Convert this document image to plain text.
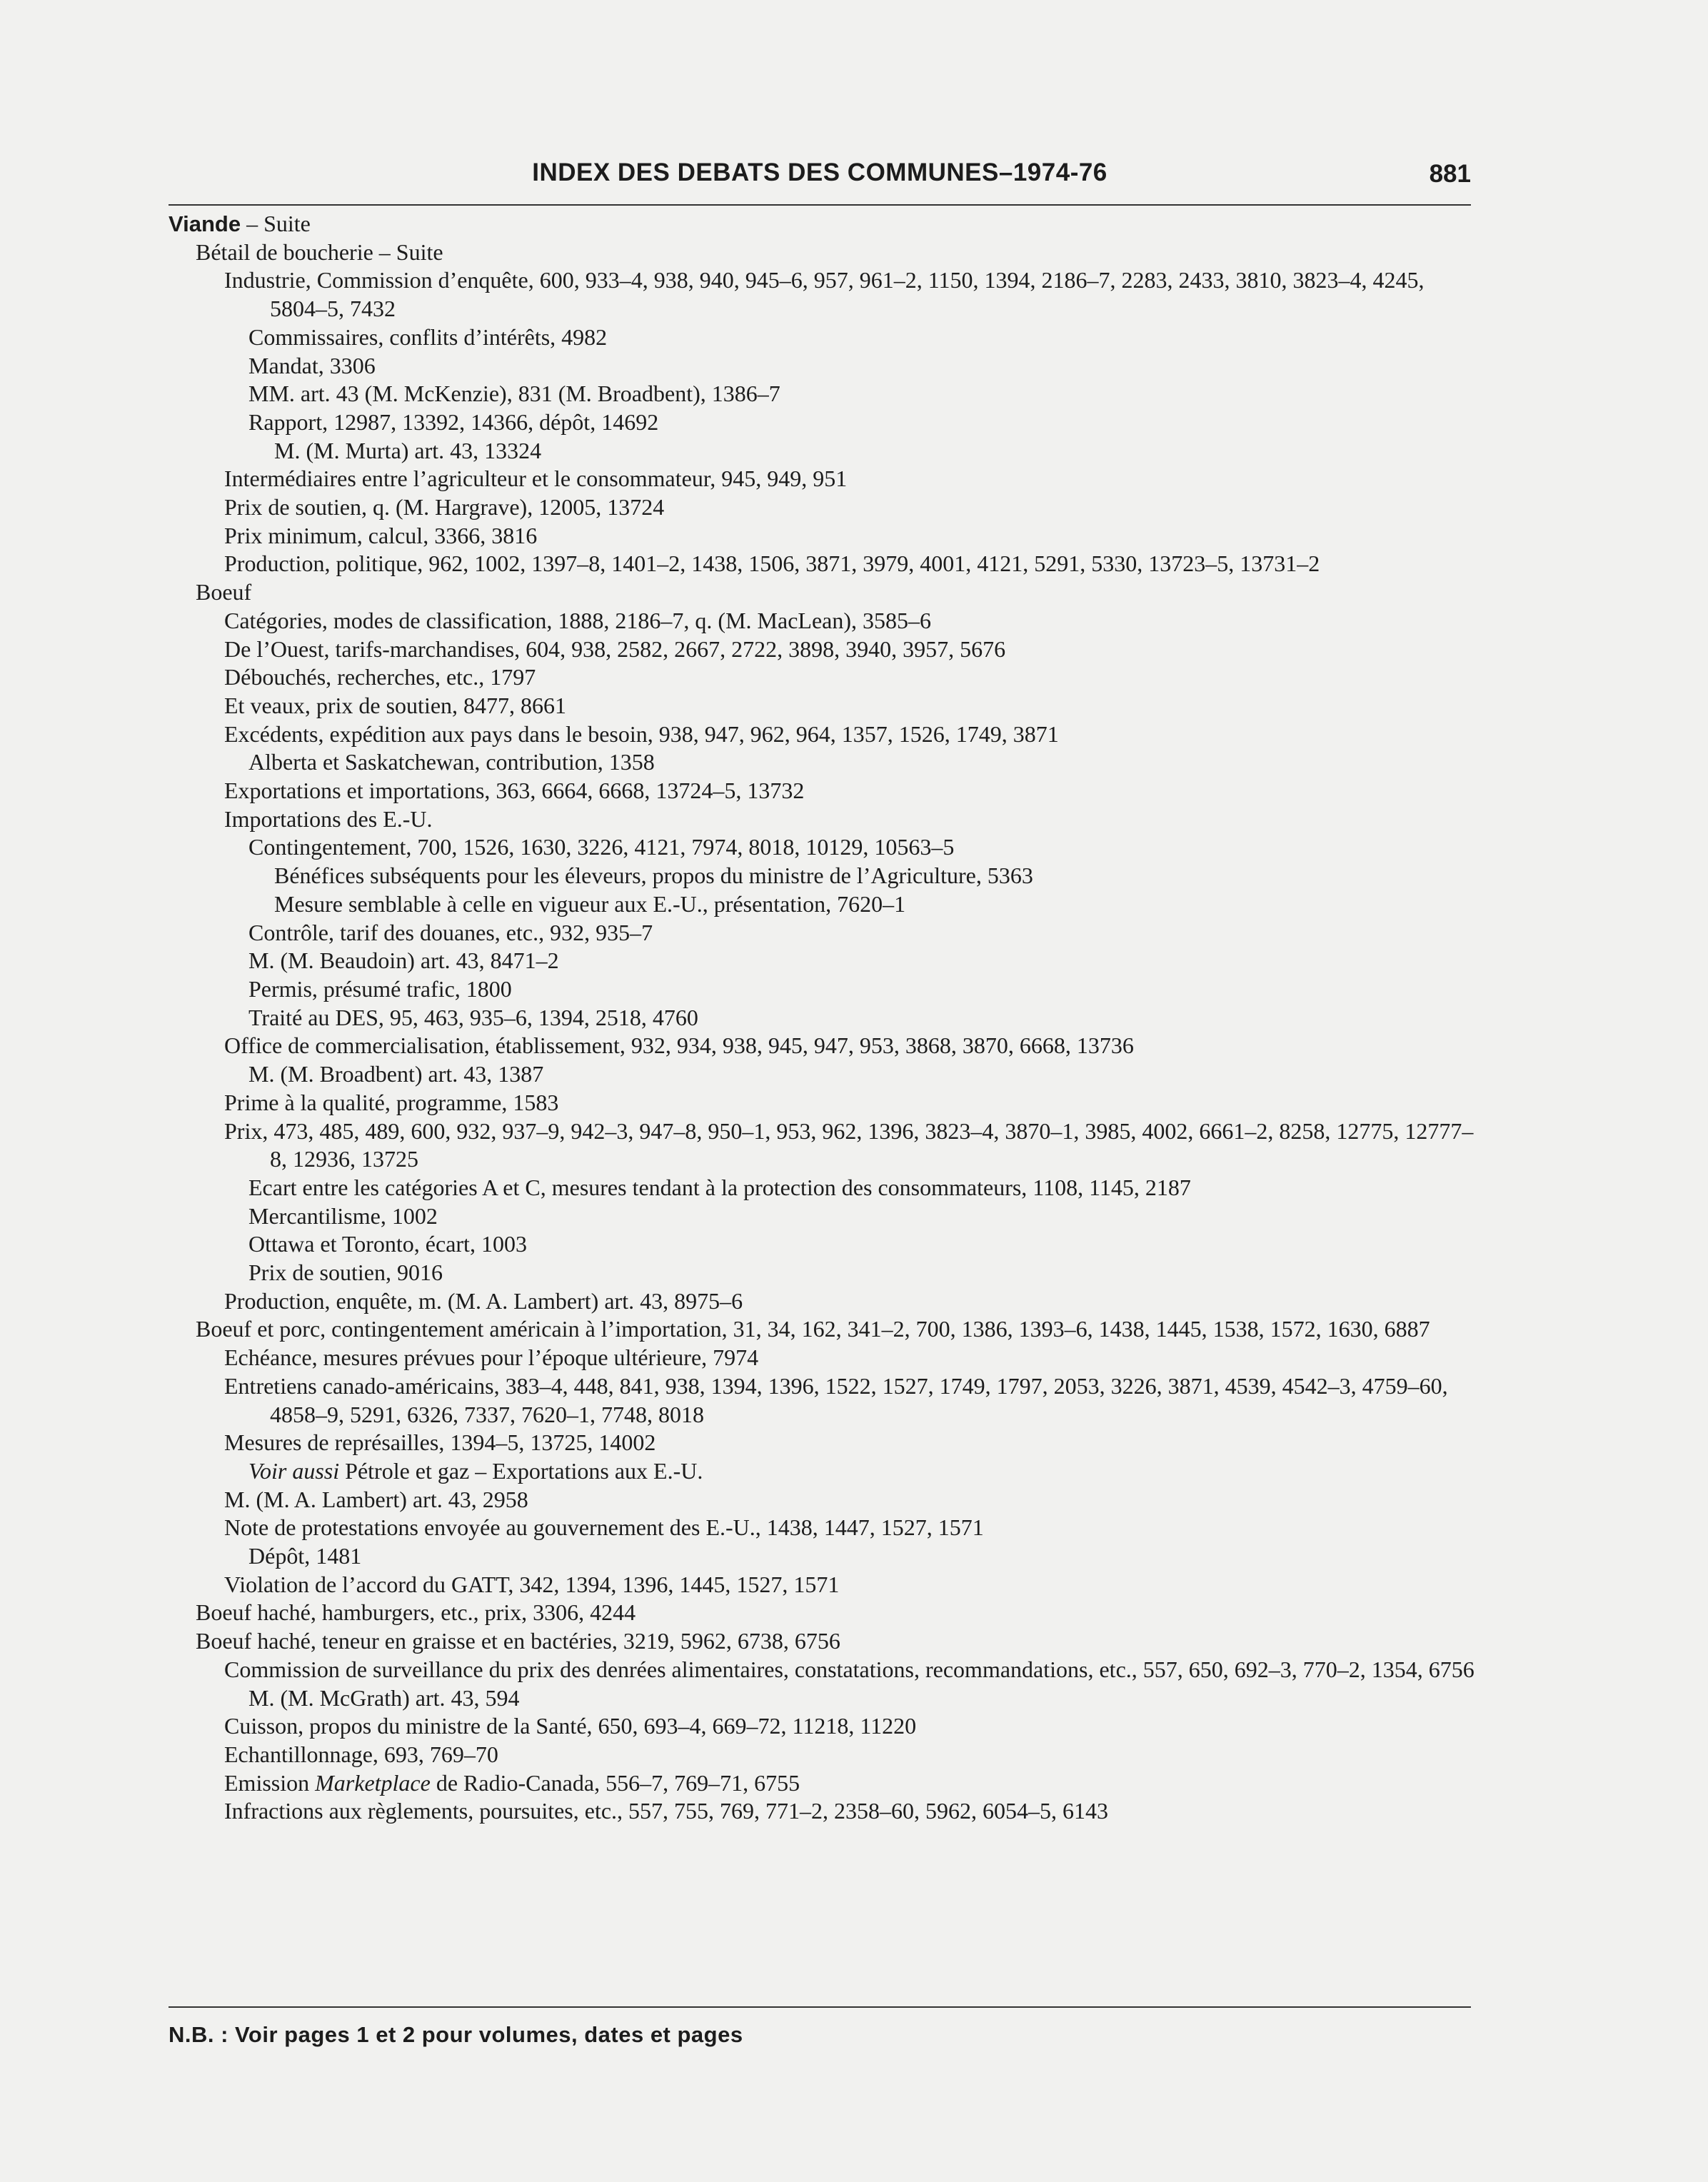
INDEX DES DEBATS DES COMMUNES–1974-76	881
Viande – Suite
Bétail de boucherie – Suite
Industrie, Commission d’enquête, 600, 933–4, 938, 940, 945–6, 957, 961–2, 1150, 1394, 2186–7, 2283, 2433, 3810, 3823–4, 4245, 5804–5, 7432
Commissaires, conflits d’intérêts, 4982
Mandat, 3306
MM. art. 43 (M. McKenzie), 831 (M. Broadbent), 1386–7
Rapport, 12987, 13392, 14366, dépôt, 14692
M. (M. Murta) art. 43, 13324
Intermédiaires entre l’agriculteur et le consommateur, 945, 949, 951
Prix de soutien, q. (M. Hargrave), 12005, 13724
Prix minimum, calcul, 3366, 3816
Production, politique, 962, 1002, 1397–8, 1401–2, 1438, 1506, 3871, 3979, 4001, 4121, 5291, 5330, 13723–5, 13731–2
Boeuf
Catégories, modes de classification, 1888, 2186–7, q. (M. MacLean), 3585–6
De l’Ouest, tarifs-marchandises, 604, 938, 2582, 2667, 2722, 3898, 3940, 3957, 5676
Débouchés, recherches, etc., 1797
Et veaux, prix de soutien, 8477, 8661
Excédents, expédition aux pays dans le besoin, 938, 947, 962, 964, 1357, 1526, 1749, 3871
Alberta et Saskatchewan, contribution, 1358
Exportations et importations, 363, 6664, 6668, 13724–5, 13732
Importations des E.-U.
Contingentement, 700, 1526, 1630, 3226, 4121, 7974, 8018, 10129, 10563–5
Bénéfices subséquents pour les éleveurs, propos du ministre de l’Agriculture, 5363
Mesure semblable à celle en vigueur aux E.-U., présentation, 7620–1
Contrôle, tarif des douanes, etc., 932, 935–7
M. (M. Beaudoin) art. 43, 8471–2
Permis, présumé trafic, 1800
Traité au DES, 95, 463, 935–6, 1394, 2518, 4760
Office de commercialisation, établissement, 932, 934, 938, 945, 947, 953, 3868, 3870, 6668, 13736
M. (M. Broadbent) art. 43, 1387
Prime à la qualité, programme, 1583
Prix, 473, 485, 489, 600, 932, 937–9, 942–3, 947–8, 950–1, 953, 962, 1396, 3823–4, 3870–1, 3985, 4002, 6661–2, 8258, 12775, 12777–8, 12936, 13725
Ecart entre les catégories A et C, mesures tendant à la protection des consommateurs, 1108, 1145, 2187
Mercantilisme, 1002
Ottawa et Toronto, écart, 1003
Prix de soutien, 9016
Production, enquête, m. (M. A. Lambert) art. 43, 8975–6
Boeuf et porc, contingentement américain à l’importation, 31, 34, 162, 341–2, 700, 1386, 1393–6, 1438, 1445, 1538, 1572, 1630, 6887
Echéance, mesures prévues pour l’époque ultérieure, 7974
Entretiens canado-américains, 383–4, 448, 841, 938, 1394, 1396, 1522, 1527, 1749, 1797, 2053, 3226, 3871, 4539, 4542–3, 4759–60, 4858–9, 5291, 6326, 7337, 7620–1, 7748, 8018
Mesures de représailles, 1394–5, 13725, 14002
Voir aussi Pétrole et gaz – Exportations aux E.-U.
M. (M. A. Lambert) art. 43, 2958
Note de protestations envoyée au gouvernement des E.-U., 1438, 1447, 1527, 1571
Dépôt, 1481
Violation de l’accord du GATT, 342, 1394, 1396, 1445, 1527, 1571
Boeuf haché, hamburgers, etc., prix, 3306, 4244
Boeuf haché, teneur en graisse et en bactéries, 3219, 5962, 6738, 6756
Commission de surveillance du prix des denrées alimentaires, constatations, recommandations, etc., 557, 650, 692–3, 770–2, 1354, 6756
M. (M. McGrath) art. 43, 594
Cuisson, propos du ministre de la Santé, 650, 693–4, 669–72, 11218, 11220
Echantillonnage, 693, 769–70
Emission Marketplace de Radio-Canada, 556–7, 769–71, 6755
Infractions aux règlements, poursuites, etc., 557, 755, 769, 771–2, 2358–60, 5962, 6054–5, 6143
N.B. : Voir pages 1 et 2 pour volumes, dates et pages
